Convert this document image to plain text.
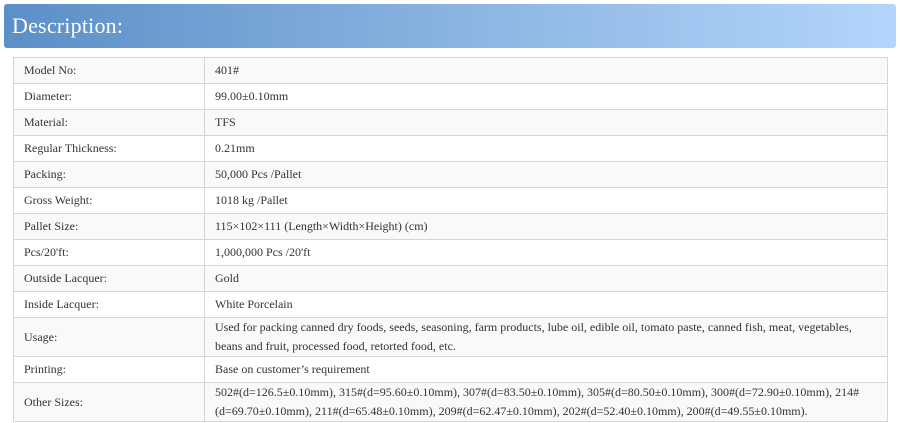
Description:
Model No:	401#
Diameter:	99.00±0.10mm
Material:	TFS
Regular Thickness:	0.21mm
Packing:	50,000 Pcs /Pallet
Gross Weight:	1018 kg /Pallet
Pallet Size:	115×102×111 (Length×Width×Height) (cm)
Pcs/20'ft:	1,000,000 Pcs /20'ft
Outside Lacquer:	Gold
Inside Lacquer:	White Porcelain
Usage:	Used for packing canned dry foods, seeds, seasoning, farm products, lube oil, edible oil, tomato paste, canned fish, meat, vegetables, beans and fruit, processed food, retorted food, etc.
Printing:	Base on customer’s requirement
Other Sizes:	502#(d=126.5±0.10mm), 315#(d=95.60±0.10mm), 307#(d=83.50±0.10mm), 305#(d=80.50±0.10mm), 300#(d=72.90±0.10mm), 214#(d=69.70±0.10mm), 211#(d=65.48±0.10mm), 209#(d=62.47±0.10mm), 202#(d=52.40±0.10mm), 200#(d=49.55±0.10mm).
